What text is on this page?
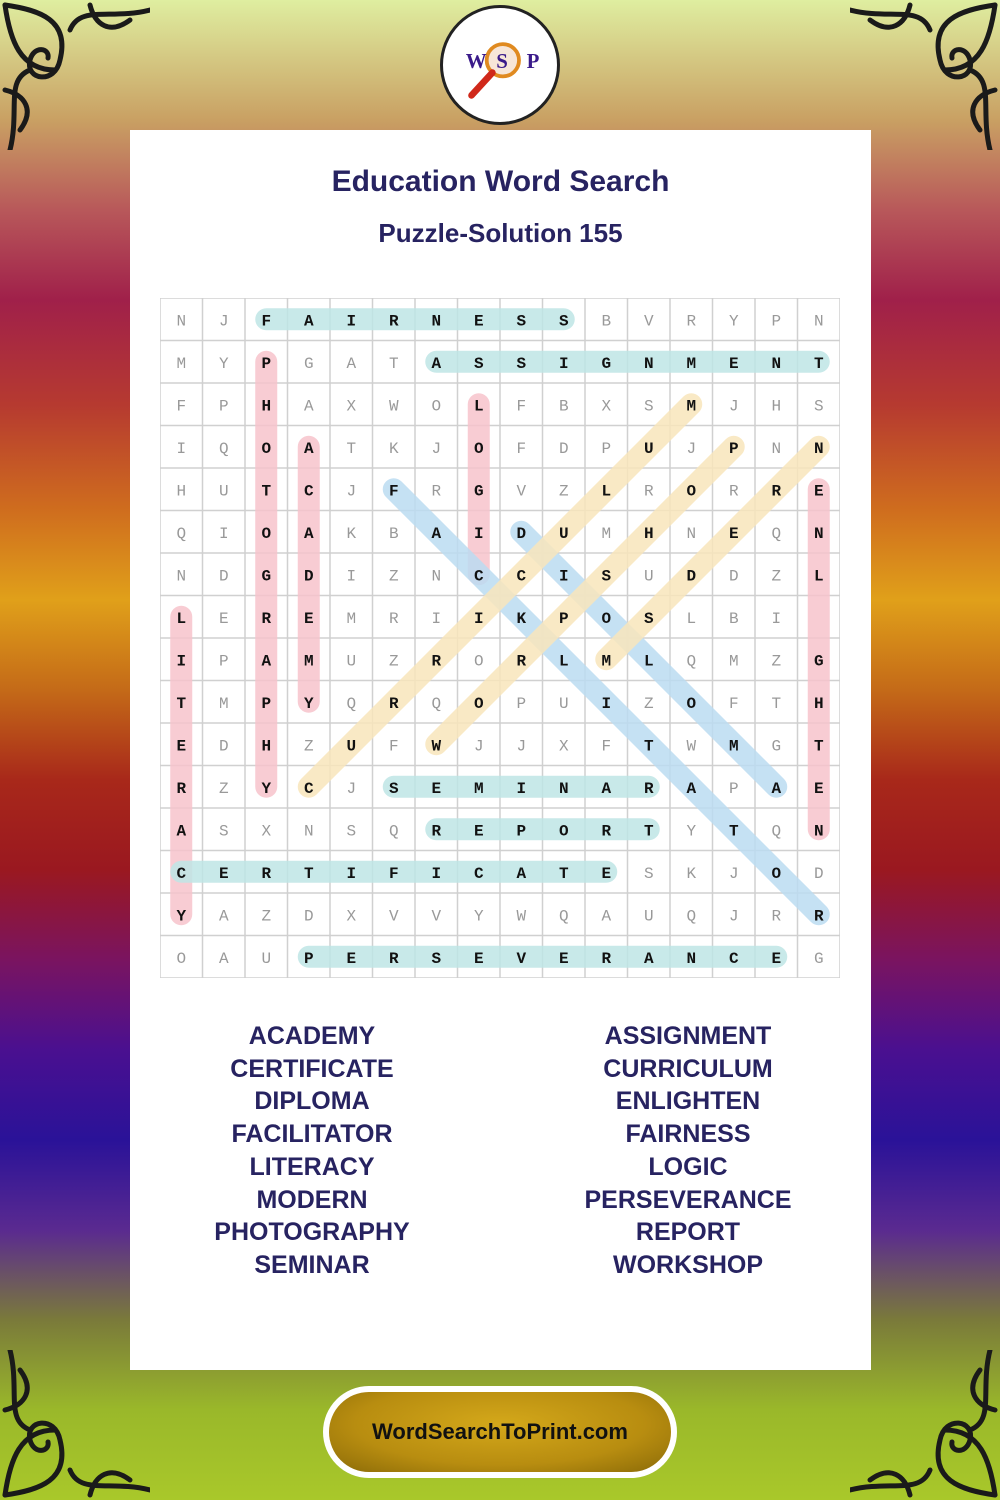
W S P
Education Word Search
Puzzle-Solution 155
N J F A I R N E S S B V R Y P N
M Y P G A T A S S I G N M E N T
F P H A X W O L F B X S M J H S
I Q O A T K J O F D P U J P N N
H U T C J F R G V Z L R O R R E
Q I O A K B A I D U M H N E Q N
N D G D I Z N C C I S U D D Z L
L E R E M R I I K P O S L B I
I P A M U Z R O R L M L Q M Z G
T M P Y Q R Q O P U I Z O F T H
E D H Z U F W J J X F T W M G T
R Z Y C J S E M I N A R A P A E
A S X N S Q R E P O R T Y T Q N
C E R T I F I C A T E S K J O D
Y A Z D X V V Y W Q A U Q J R R
O A U P E R S E V E R A N C E G
ACADEMY
CERTIFICATE
DIPLOMA
FACILITATOR
LITERACY
MODERN
PHOTOGRAPHY
SEMINAR
ASSIGNMENT
CURRICULUM
ENLIGHTEN
FAIRNESS
LOGIC
PERSEVERANCE
REPORT
WORKSHOP
WordSearchToPrint.com
